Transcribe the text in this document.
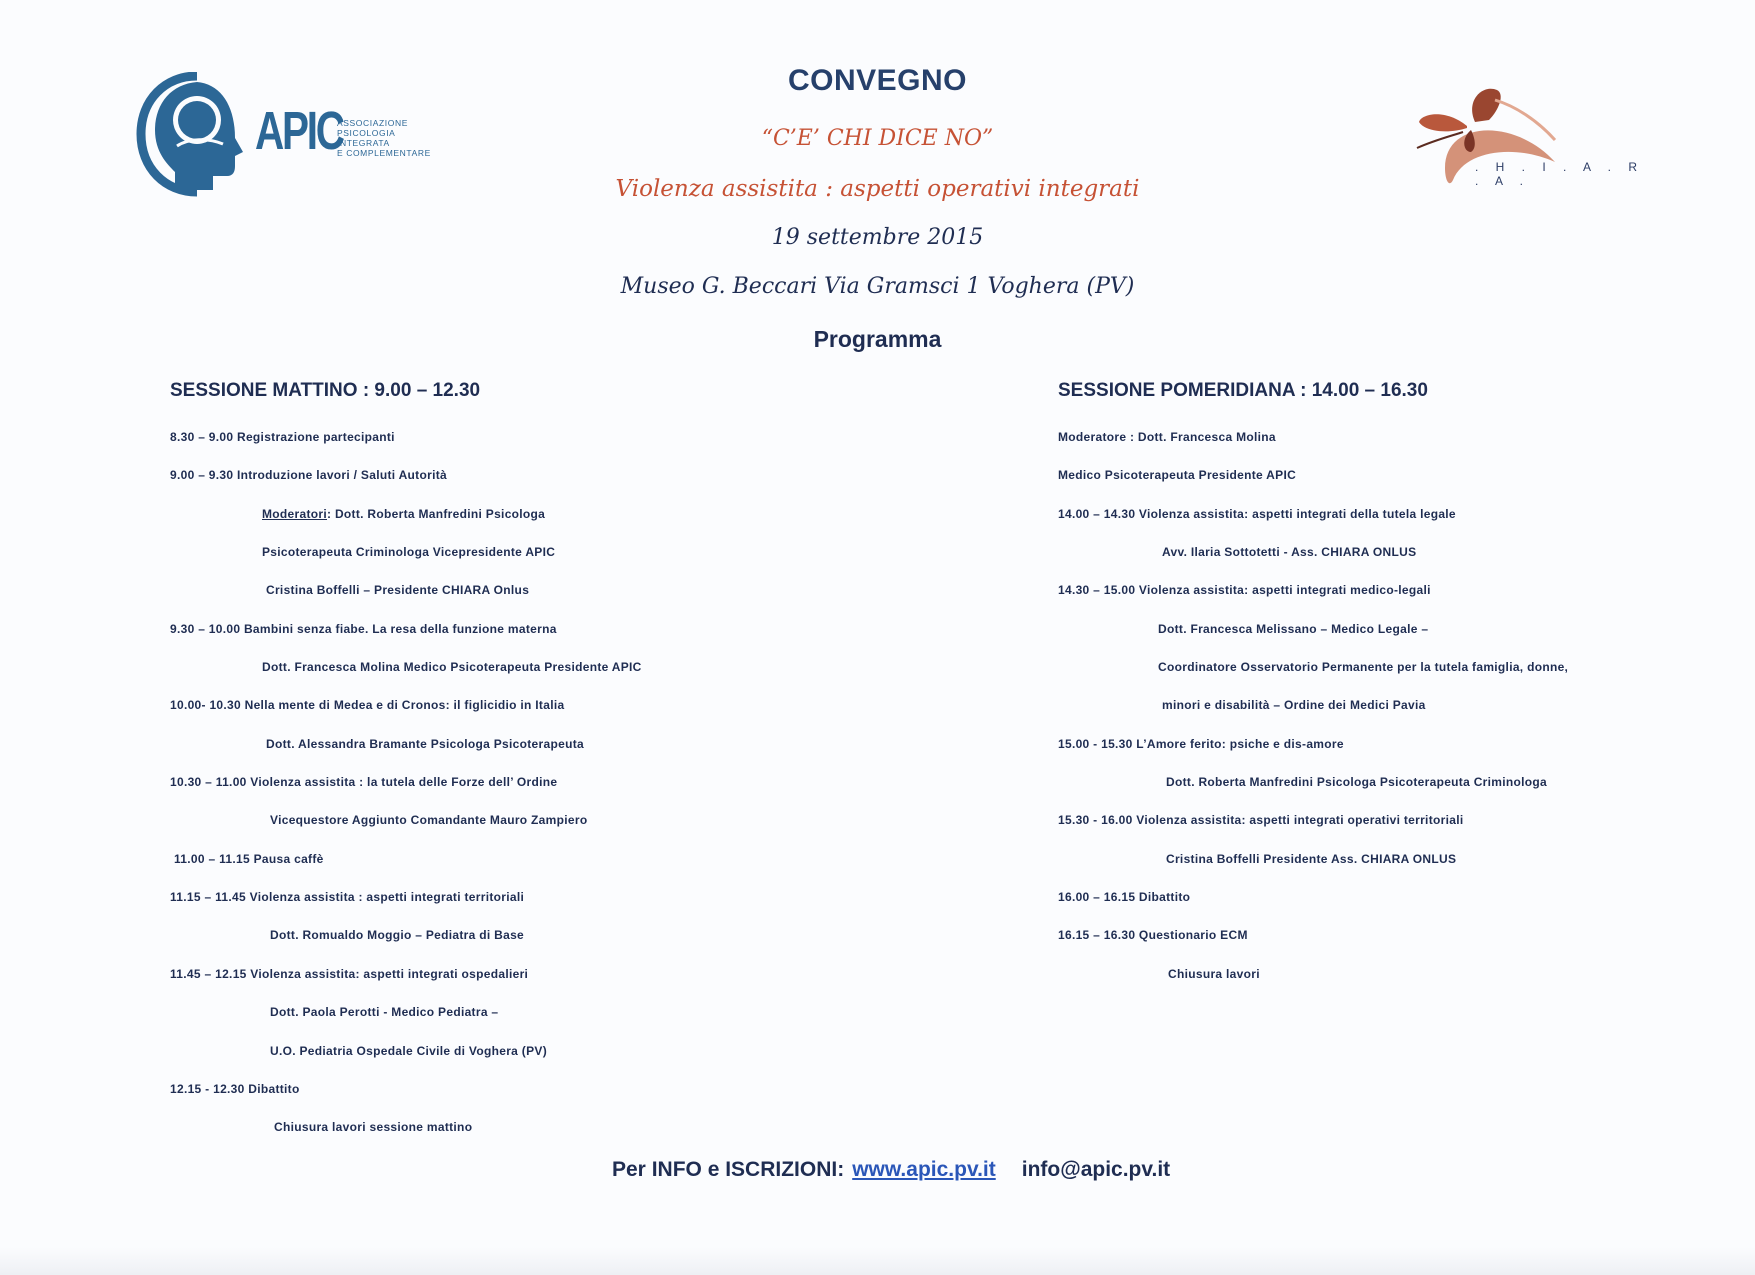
APIC
ASSOCIAZIONE
PSICOLOGIA
INTEGRATA
E COMPLEMENTARE
. H . I . A . R . A .
CONVEGNO
“C’E’ CHI DICE NO”
Violenza assistita : aspetti operativi integrati
19 settembre 2015
Museo G. Beccari Via Gramsci 1 Voghera (PV)
Programma
SESSIONE MATTINO : 9.00 – 12.30
8.30 – 9.00 Registrazione partecipanti
9.00 – 9.30 Introduzione lavori / Saluti Autorità
Moderatori: Dott. Roberta Manfredini Psicologa
Psicoterapeuta Criminologa Vicepresidente APIC
Cristina Boffelli – Presidente CHIARA Onlus
9.30 – 10.00 Bambini senza fiabe. La resa della funzione materna
Dott. Francesca Molina Medico Psicoterapeuta Presidente APIC
10.00- 10.30 Nella mente di Medea e di Cronos: il figlicidio in Italia
Dott. Alessandra Bramante Psicologa Psicoterapeuta
10.30 – 11.00 Violenza assistita : la tutela delle Forze dell’ Ordine
Vicequestore Aggiunto Comandante Mauro Zampiero
11.00 – 11.15 Pausa caffè
11.15 – 11.45 Violenza assistita : aspetti integrati territoriali
Dott. Romualdo Moggio – Pediatra di Base
11.45 – 12.15 Violenza assistita: aspetti integrati ospedalieri
Dott. Paola Perotti - Medico Pediatra –
U.O. Pediatria Ospedale Civile di Voghera (PV)
12.15 - 12.30 Dibattito
Chiusura lavori sessione mattino
SESSIONE POMERIDIANA : 14.00 – 16.30
Moderatore : Dott. Francesca Molina
Medico Psicoterapeuta Presidente APIC
14.00 – 14.30 Violenza assistita: aspetti integrati della tutela legale
Avv. Ilaria Sottotetti - Ass. CHIARA ONLUS
14.30 – 15.00 Violenza assistita: aspetti integrati medico-legali
Dott. Francesca Melissano – Medico Legale –
Coordinatore Osservatorio Permanente per la tutela famiglia, donne,
minori e disabilità – Ordine dei Medici Pavia
15.00 - 15.30 L’Amore ferito: psiche e dis-amore
Dott. Roberta Manfredini Psicologa Psicoterapeuta Criminologa
15.30 - 16.00 Violenza assistita: aspetti integrati operativi territoriali
Cristina Boffelli Presidente Ass. CHIARA ONLUS
16.00 – 16.15 Dibattito
16.15 – 16.30 Questionario ECM
Chiusura lavori
Per INFO e ISCRIZIONI: www.apic.pv.it info@apic.pv.it
